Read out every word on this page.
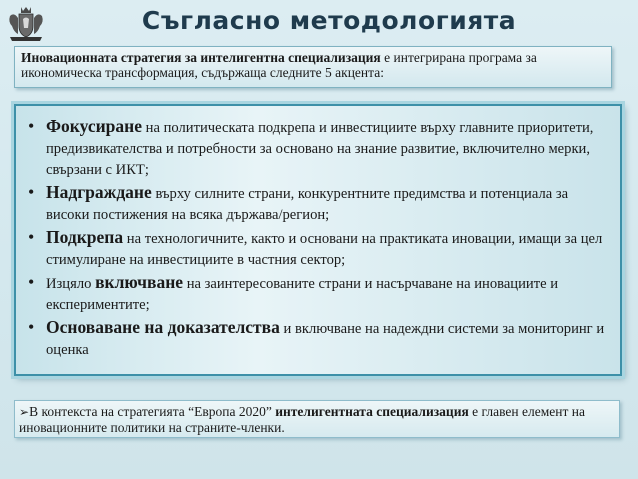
Съгласно методологията
Иновационната стратегия за интелигентна специализация е интегрирана програма за икономическа трансформация, съдържаща следните 5 акцента:
• Фокусиране на политическата подкрепа и инвестициите върху главните приоритети, предизвикателства и потребности за основано на знание развитие, включително мерки, свързани с ИКТ;
• Надграждане върху силните страни, конкурентните предимства и потенциала за високи постижения на всяка държава/регион;
• Подкрепа на технологичните, както и основани на практиката иновации, имащи за цел стимулиране на инвестициите в частния сектор;
• Изцяло включване на заинтересованите страни и насърчаване на иновациите и експериментите;
• Основаване на доказателства и включване на надеждни системи за мониторинг и оценка
➢В контекста на стратегията “Европа 2020” интелигентната специализация е главен елемент на иновационните политики на страните-членки.
